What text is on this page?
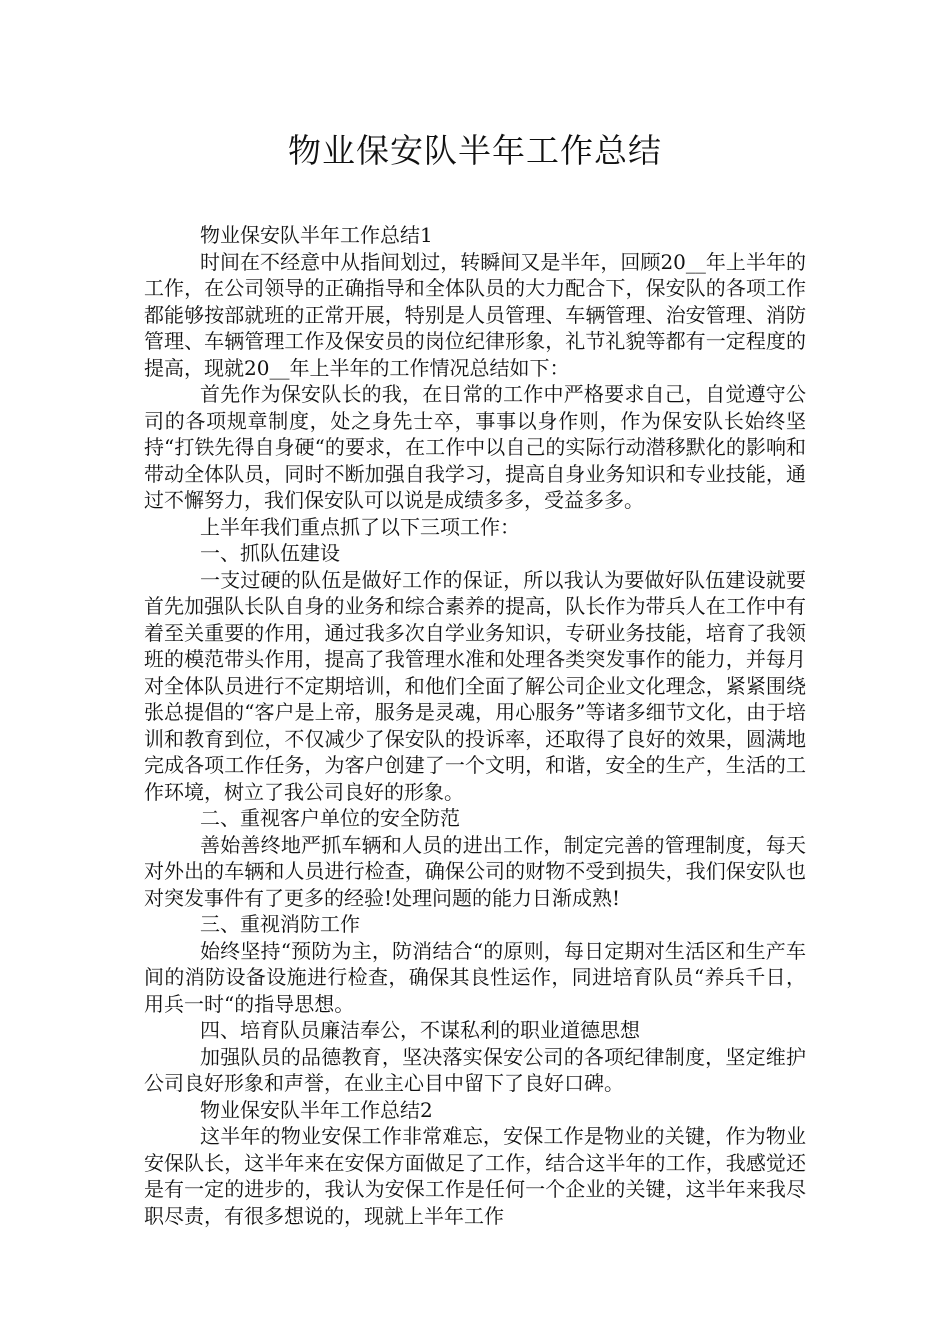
物业保安队半年工作总结

物业保安队半年工作总结1

时间在不经意中从指间划过，转瞬间又是半年，回顾20__年上半年的工作，在公司领导的正确指导和全体队员的大力配合下，保安队的各项工作都能够按部就班的正常开展，特别是人员管理、车辆管理、治安管理、消防管理、车辆管理工作及保安员的岗位纪律形象，礼节礼貌等都有一定程度的提高，现就20__年上半年的工作情况总结如下：

首先作为保安队长的我，在日常的工作中严格要求自己，自觉遵守公司的各项规章制度，处之身先士卒，事事以身作则，作为保安队长始终坚持“打铁先得自身硬“的要求，在工作中以自己的实际行动潜移默化的影响和带动全体队员，同时不断加强自我学习，提高自身业务知识和专业技能，通过不懈努力，我们保安队可以说是成绩多多，受益多多。

上半年我们重点抓了以下三项工作：

一、抓队伍建设

一支过硬的队伍是做好工作的保证，所以我认为要做好队伍建设就要首先加强队长队自身的业务和综合素养的提高，队长作为带兵人在工作中有着至关重要的作用，通过我多次自学业务知识，专研业务技能，培育了我领班的模范带头作用，提高了我管理水准和处理各类突发事作的能力，并每月对全体队员进行不定期培训，和他们全面了解公司企业文化理念，紧紧围绕张总提倡的“客户是上帝，服务是灵魂，用心服务”等诸多细节文化，由于培训和教育到位，不仅减少了保安队的投诉率，还取得了良好的效果，圆满地完成各项工作任务，为客户创建了一个文明，和谐，安全的生产，生活的工作环境，树立了我公司良好的形象。

二、重视客户单位的安全防范

善始善终地严抓车辆和人员的进出工作，制定完善的管理制度，每天对外出的车辆和人员进行检查，确保公司的财物不受到损失，我们保安队也对突发事件有了更多的经验!处理问题的能力日渐成熟!

三、重视消防工作

始终坚持“预防为主，防消结合“的原则，每日定期对生活区和生产车间的消防设备设施进行检查，确保其良性运作，同进培育队员“养兵千日，用兵一时“的指导思想。

四、培育队员廉洁奉公，不谋私利的职业道德思想

加强队员的品德教育，坚决落实保安公司的各项纪律制度，坚定维护公司良好形象和声誉，在业主心目中留下了良好口碑。

物业保安队半年工作总结2

这半年的物业安保工作非常难忘，安保工作是物业的关键，作为物业安保队长，这半年来在安保方面做足了工作，结合这半年的工作，我感觉还是有一定的进步的，我认为安保工作是任何一个企业的关键，这半年来我尽职尽责，有很多想说的，现就上半年工作
